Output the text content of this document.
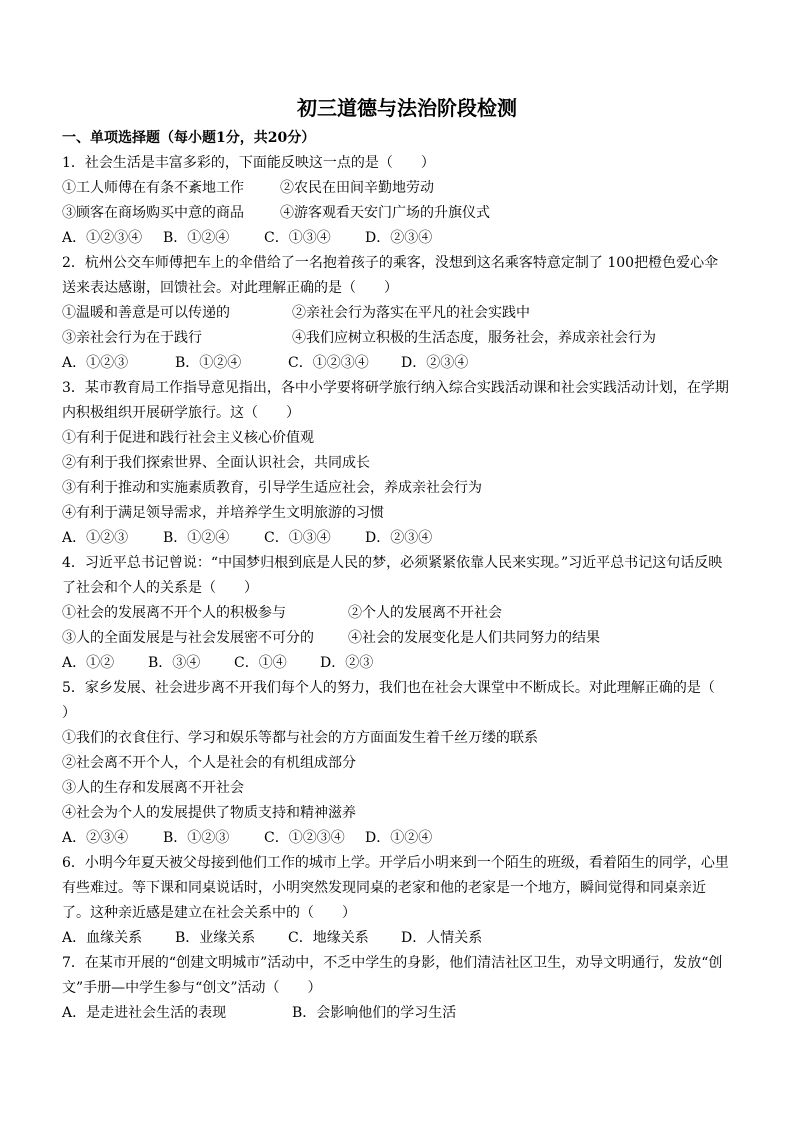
初三道德与法治阶段检测
一、单项选择题（每小题1分，共20分）
1．社会生活是丰富多彩的，下面能反映这一点的是（　　）
①工人师傅在有条不紊地工作	②农民在田间辛勤地劳动
③顾客在商场购买中意的商品	④游客观看天安门广场的升旗仪式
A．①②③④	B．①②④	C．①③④	D．②③④
2．杭州公交车师傅把车上的伞借给了一名抱着孩子的乘客，没想到这名乘客特意定制了 100把橙色爱心伞送来表达感谢，回馈社会。对此理解正确的是（　　）
①温暖和善意是可以传递的	②亲社会行为落实在平凡的社会实践中
③亲社会行为在于践行	④我们应树立积极的生活态度，服务社会，养成亲社会行为
A．①②③	B．①②④	C．①②③④	D．②③④
3．某市教育局工作指导意见指出，各中小学要将研学旅行纳入综合实践活动课和社会实践活动计划，在学期内积极组织开展研学旅行。这（　　）
①有利于促进和践行社会主义核心价值观
②有利于我们探索世界、全面认识社会，共同成长
③有利于推动和实施素质教育，引导学生适应社会，养成亲社会行为
④有利于满足领导需求，并培养学生文明旅游的习惯
A．①②③	B．①②④	C．①③④	D．②③④
4．习近平总书记曾说：“中国梦归根到底是人民的梦，必须紧紧依靠人民来实现。”习近平总书记这句话反映了社会和个人的关系是（　　）
①社会的发展离不开个人的积极参与	②个人的发展离不开社会
③人的全面发展是与社会发展密不可分的	④社会的发展变化是人们共同努力的结果
A．①②	B．③④	C．①④	D．②③
5．家乡发展、社会进步离不开我们每个人的努力，我们也在社会大课堂中不断成长。对此理解正确的是（　　）
①我们的衣食住行、学习和娱乐等都与社会的方方面面发生着千丝万缕的联系
②社会离不开个人，个人是社会的有机组成部分
③人的生存和发展离不开社会
④社会为个人的发展提供了物质支持和精神滋养
A．②③④	B．①②③	C．①②③④	D．①②④
6．小明今年夏天被父母接到他们工作的城市上学。开学后小明来到一个陌生的班级，看着陌生的同学，心里有些难过。等下课和同桌说话时，小明突然发现同桌的老家和他的老家是一个地方，瞬间觉得和同桌亲近了。这种亲近感是建立在社会关系中的（　　）
A．血缘关系	B．业缘关系	C．地缘关系	D．人情关系
7．在某市开展的“创建文明城市”活动中，不乏中学生的身影，他们清洁社区卫生，劝导文明通行，发放“创文”手册—中学生参与“创文”活动（　　）
A．是走进社会生活的表现	B．会影响他们的学习生活
